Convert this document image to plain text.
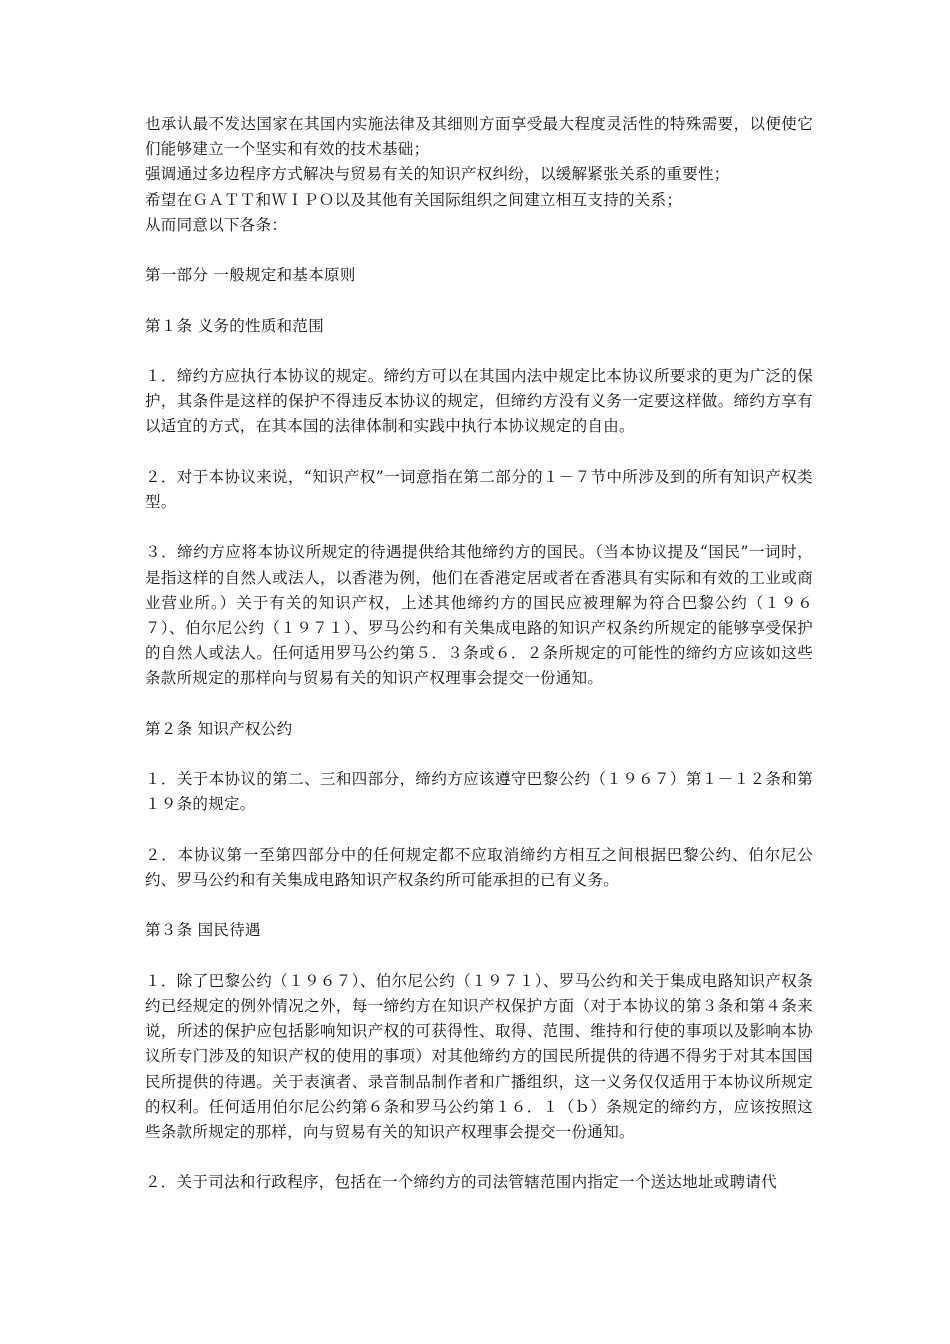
也承认最不发达国家在其国内实施法律及其细则方面享受最大程度灵活性的特殊需要，以便使它们能够建立一个坚实和有效的技术基础；

强调通过多边程序方式解决与贸易有关的知识产权纠纷，以缓解紧张关系的重要性；

希望在ＧＡＴＴ和ＷＩＰＯ以及其他有关国际组织之间建立相互支持的关系；

从而同意以下各条：

第一部分 一般规定和基本原则

第１条 义务的性质和范围

１．缔约方应执行本协议的规定。缔约方可以在其国内法中规定比本协议所要求的更为广泛的保护，其条件是这样的保护不得违反本协议的规定，但缔约方没有义务一定要这样做。缔约方享有以适宜的方式，在其本国的法律体制和实践中执行本协议规定的自由。

２．对于本协议来说，“知识产权”一词意指在第二部分的１－７节中所涉及到的所有知识产权类型。

３．缔约方应将本协议所规定的待遇提供给其他缔约方的国民。（当本协议提及“国民”一词时，是指这样的自然人或法人，以香港为例，他们在香港定居或者在香港具有实际和有效的工业或商业营业所。）关于有关的知识产权，上述其他缔约方的国民应被理解为符合巴黎公约（１９６７）、伯尔尼公约（１９７１）、罗马公约和有关集成电路的知识产权条约所规定的能够享受保护的自然人或法人。任何适用罗马公约第５．３条或６．２条所规定的可能性的缔约方应该如这些条款所规定的那样向与贸易有关的知识产权理事会提交一份通知。

第２条 知识产权公约

１．关于本协议的第二、三和四部分，缔约方应该遵守巴黎公约（１９６７）第１－１２条和第１９条的规定。

２．本协议第一至第四部分中的任何规定都不应取消缔约方相互之间根据巴黎公约、伯尔尼公约、罗马公约和有关集成电路知识产权条约所可能承担的已有义务。

第３条 国民待遇

１．除了巴黎公约（１９６７）、伯尔尼公约（１９７１）、罗马公约和关于集成电路知识产权条约已经规定的例外情况之外，每一缔约方在知识产权保护方面（对于本协议的第３条和第４条来说，所述的保护应包括影响知识产权的可获得性、取得、范围、维持和行使的事项以及影响本协议所专门涉及的知识产权的使用的事项）对其他缔约方的国民所提供的待遇不得劣于对其本国国民所提供的待遇。关于表演者、录音制品制作者和广播组织，这一义务仅仅适用于本协议所规定的权利。任何适用伯尔尼公约第６条和罗马公约第１６．１（ｂ）条规定的缔约方，应该按照这些条款所规定的那样，向与贸易有关的知识产权理事会提交一份通知。

２．关于司法和行政程序，包括在一个缔约方的司法管辖范围内指定一个送达地址或聘请代
